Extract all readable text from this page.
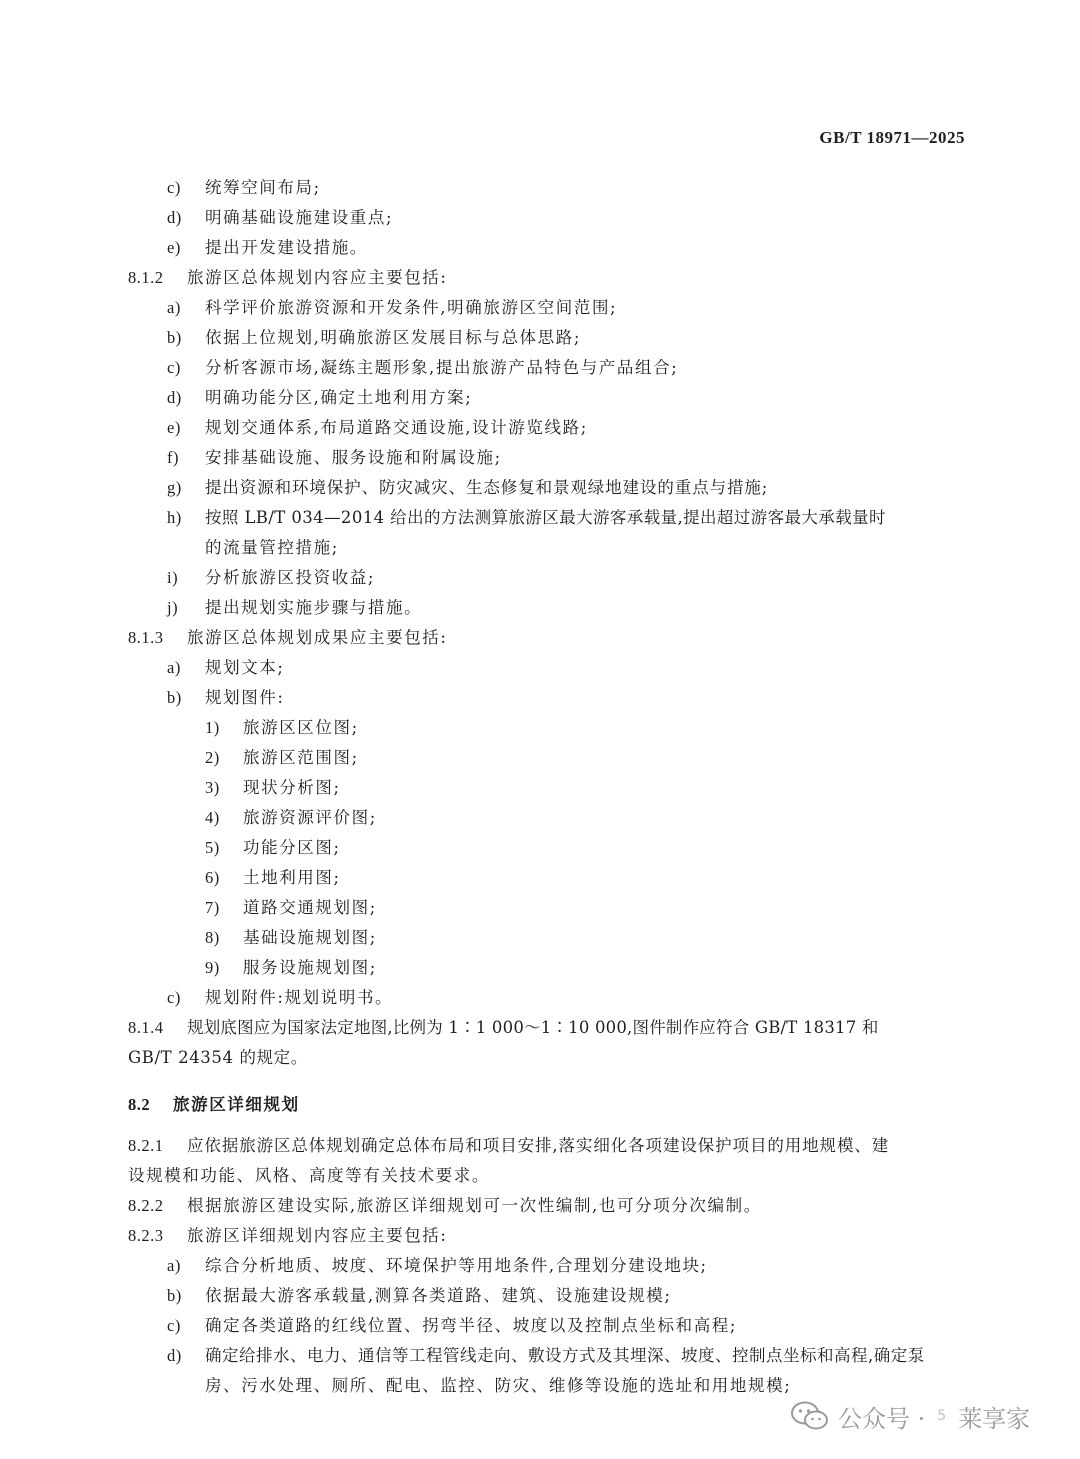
GB/T 18971—2025
c) 统筹空间布局;
d) 明确基础设施建设重点;
e) 提出开发建设措施。
8.1.2 旅游区总体规划内容应主要包括:
a) 科学评价旅游资源和开发条件,明确旅游区空间范围;
b) 依据上位规划,明确旅游区发展目标与总体思路;
c) 分析客源市场,凝练主题形象,提出旅游产品特色与产品组合;
d) 明确功能分区,确定土地利用方案;
e) 规划交通体系,布局道路交通设施,设计游览线路;
f) 安排基础设施、服务设施和附属设施;
g) 提出资源和环境保护、防灾减灾、生态修复和景观绿地建设的重点与措施;
h) 按照 LB/T 034—2014 给出的方法测算旅游区最大游客承载量,提出超过游客最大承载量时
的流量管控措施;
i) 分析旅游区投资收益;
j) 提出规划实施步骤与措施。
8.1.3 旅游区总体规划成果应主要包括:
a) 规划文本;
b) 规划图件:
1) 旅游区区位图;
2) 旅游区范围图;
3) 现状分析图;
4) 旅游资源评价图;
5) 功能分区图;
6) 土地利用图;
7) 道路交通规划图;
8) 基础设施规划图;
9) 服务设施规划图;
c) 规划附件:规划说明书。
8.1.4 规划底图应为国家法定地图,比例为 1∶1 000～1∶10 000,图件制作应符合 GB/T 18317 和
GB/T 24354 的规定。
8.2 旅游区详细规划
8.2.1 应依据旅游区总体规划确定总体布局和项目安排,落实细化各项建设保护项目的用地规模、建
设规模和功能、风格、高度等有关技术要求。
8.2.2 根据旅游区建设实际,旅游区详细规划可一次性编制,也可分项分次编制。
8.2.3 旅游区详细规划内容应主要包括:
a) 综合分析地质、坡度、环境保护等用地条件,合理划分建设地块;
b) 依据最大游客承载量,测算各类道路、建筑、设施建设规模;
c) 确定各类道路的红线位置、拐弯半径、坡度以及控制点坐标和高程;
d) 确定给排水、电力、通信等工程管线走向、敷设方式及其埋深、坡度、控制点坐标和高程,确定泵
房、污水处理、厕所、配电、监控、防灾、维修等设施的选址和用地规模;
公众号 · 5 莱享家
